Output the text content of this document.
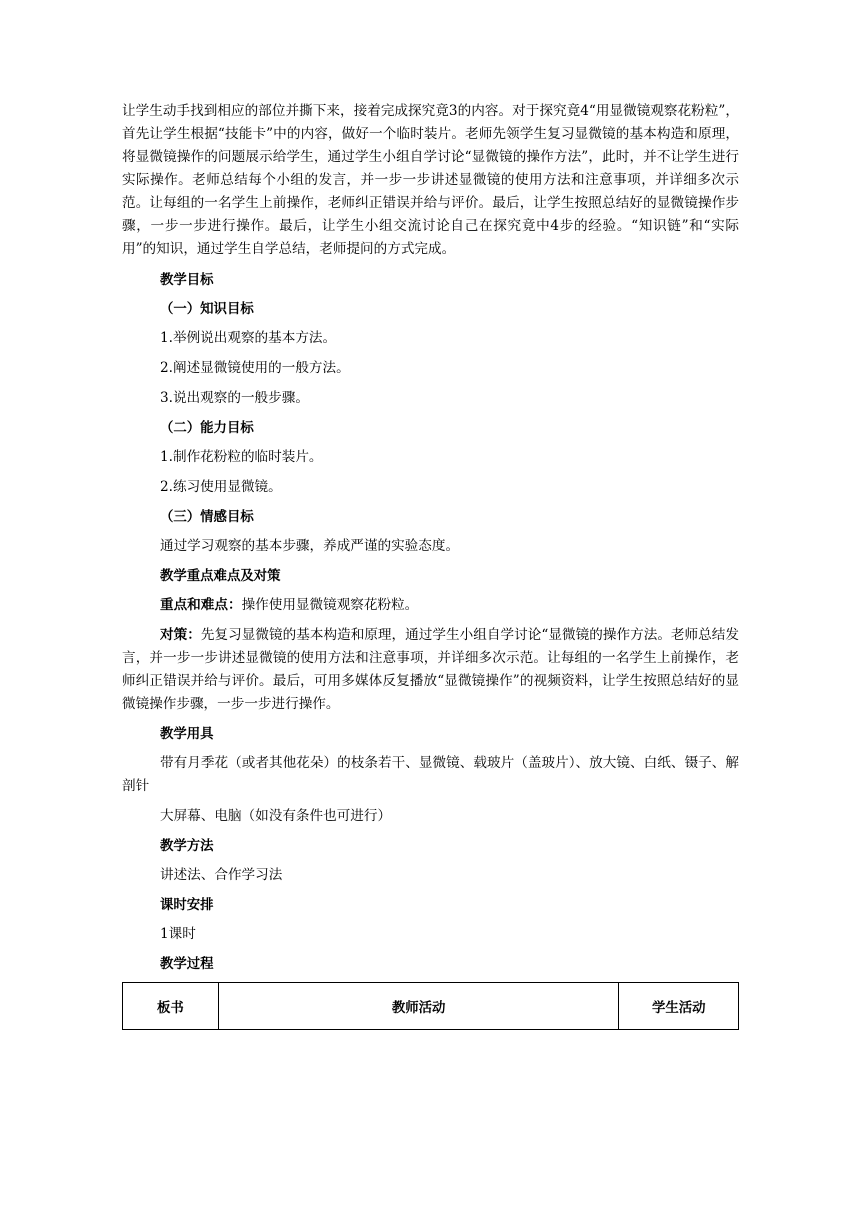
让学生动手找到相应的部位并撕下来，接着完成探究竟3的内容。对于探究竟4“用显微镜观察花粉粒”，首先让学生根据“技能卡”中的内容，做好一个临时装片。老师先领学生复习显微镜的基本构造和原理，将显微镜操作的问题展示给学生，通过学生小组自学讨论“显微镜的操作方法”，此时，并不让学生进行实际操作。老师总结每个小组的发言，并一步一步讲述显微镜的使用方法和注意事项，并详细多次示范。让每组的一名学生上前操作，老师纠正错误并给与评价。最后，让学生按照总结好的显微镜操作步骤，一步一步进行操作。最后，让学生小组交流讨论自己在探究竟中4步的经验。“知识链”和“实际用”的知识，通过学生自学总结，老师提问的方式完成。

教学目标

（一）知识目标

1.举例说出观察的基本方法。

2.阐述显微镜使用的一般方法。

3.说出观察的一般步骤。

（二）能力目标

1.制作花粉粒的临时装片。

2.练习使用显微镜。

（三）情感目标

通过学习观察的基本步骤，养成严谨的实验态度。

教学重点难点及对策

重点和难点：操作使用显微镜观察花粉粒。

对策：先复习显微镜的基本构造和原理，通过学生小组自学讨论“显微镜的操作方法。老师总结发言，并一步一步讲述显微镜的使用方法和注意事项，并详细多次示范。让每组的一名学生上前操作，老师纠正错误并给与评价。最后，可用多媒体反复播放“显微镜操作”的视频资料，让学生按照总结好的显微镜操作步骤，一步一步进行操作。

教学用具

带有月季花（或者其他花朵）的枝条若干、显微镜、载玻片（盖玻片）、放大镜、白纸、镊子、解剖针

大屏幕、电脑（如没有条件也可进行）

教学方法

讲述法、合作学习法

课时安排

1课时

教学过程

板书	教师活动	学生活动
